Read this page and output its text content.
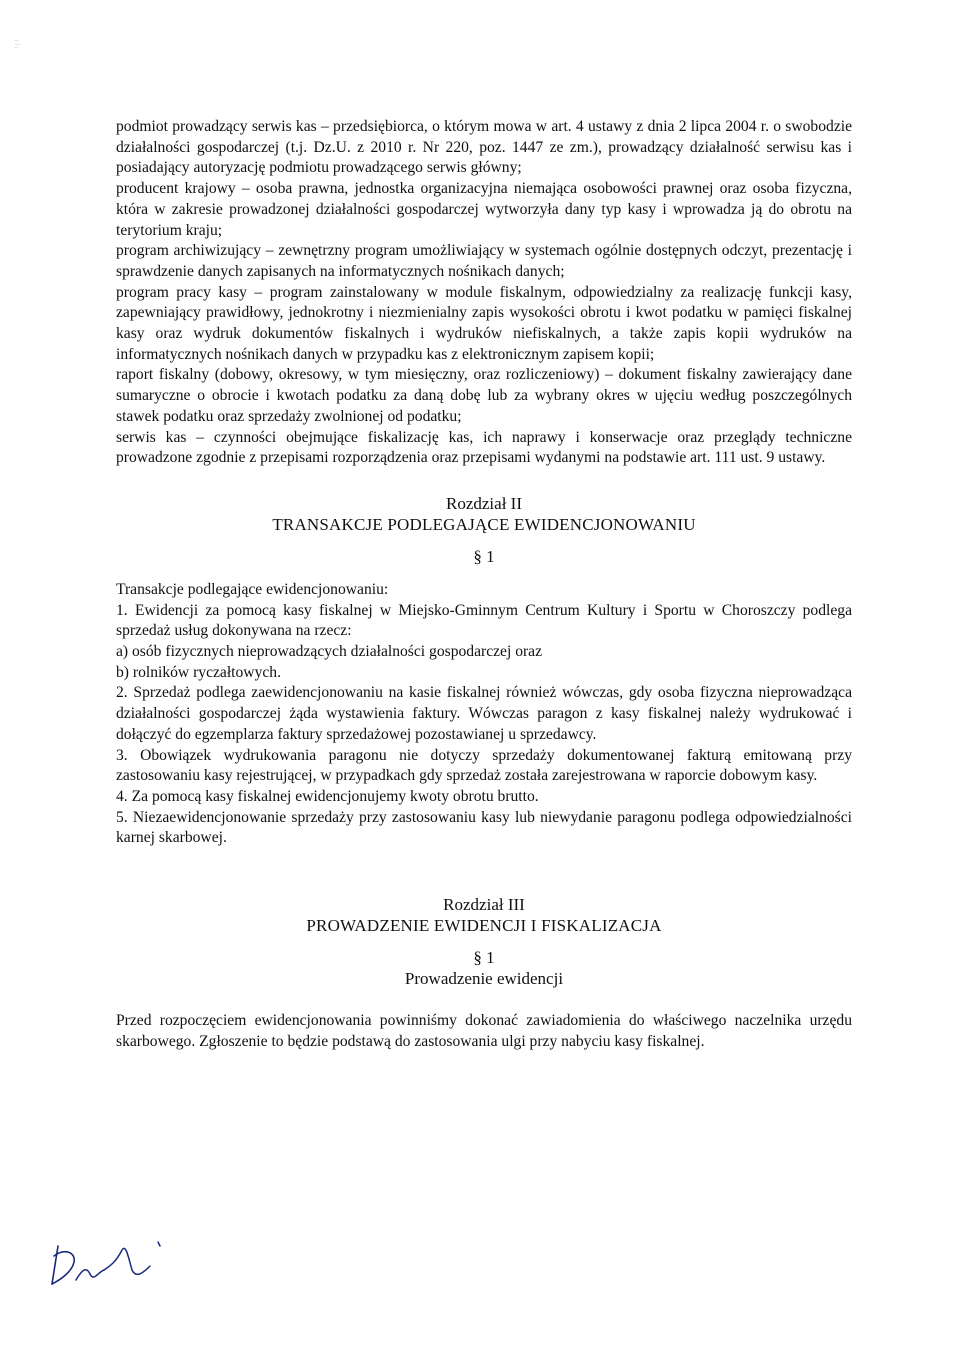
podmiot prowadzący serwis kas – przedsiębiorca, o którym mowa w art. 4 ustawy z dnia 2 lipca 2004 r. o swobodzie działalności gospodarczej (t.j. Dz.U. z 2010 r. Nr 220, poz. 1447 ze zm.), prowadzący działalność serwisu kas i posiadający autoryzację podmiotu prowadzącego serwis główny;

producent krajowy – osoba prawna, jednostka organizacyjna niemająca osobowości prawnej oraz osoba fizyczna, która w zakresie prowadzonej działalności gospodarczej wytworzyła dany typ kasy i wprowadza ją do obrotu na terytorium kraju;

program archiwizujący – zewnętrzny program umożliwiający w systemach ogólnie dostępnych odczyt, prezentację i sprawdzenie danych zapisanych na informatycznych nośnikach danych;

program pracy kasy – program zainstalowany w module fiskalnym, odpowiedzialny za realizację funkcji kasy, zapewniający prawidłowy, jednokrotny i niezmienialny zapis wysokości obrotu i kwot podatku w pamięci fiskalnej kasy oraz wydruk dokumentów fiskalnych i wydruków niefiskalnych, a także zapis kopii wydruków na informatycznych nośnikach danych w przypadku kas z elektronicznym zapisem kopii;

raport fiskalny (dobowy, okresowy, w tym miesięczny, oraz rozliczeniowy) – dokument fiskalny zawierający dane sumaryczne o obrocie i kwotach podatku za daną dobę lub za wybrany okres w ujęciu według poszczególnych stawek podatku oraz sprzedaży zwolnionej od podatku;

serwis kas – czynności obejmujące fiskalizację kas, ich naprawy i konserwacje oraz przeglądy techniczne prowadzone zgodnie z przepisami rozporządzenia oraz przepisami wydanymi na podstawie art. 111 ust. 9 ustawy.

Rozdział II

TRANSAKCJE PODLEGAJĄCE EWIDENCJONOWANIU

§ 1

Transakcje podlegające ewidencjonowaniu:

1. Ewidencji za pomocą kasy fiskalnej w Miejsko-Gminnym Centrum Kultury i Sportu w Choroszczy podlega sprzedaż usług dokonywana na rzecz:

a) osób fizycznych nieprowadzących działalności gospodarczej oraz

b) rolników ryczałtowych.

2. Sprzedaż podlega zaewidencjonowaniu na kasie fiskalnej również wówczas, gdy osoba fizyczna nieprowadząca działalności gospodarczej żąda wystawienia faktury. Wówczas paragon z kasy fiskalnej należy wydrukować i dołączyć do egzemplarza faktury sprzedażowej pozostawianej u sprzedawcy.

3. Obowiązek wydrukowania paragonu nie dotyczy sprzedaży dokumentowanej fakturą emitowaną przy zastosowaniu kasy rejestrującej, w przypadkach gdy sprzedaż została zarejestrowana w raporcie dobowym kasy.

4. Za pomocą kasy fiskalnej ewidencjonujemy kwoty obrotu brutto.

5. Niezaewidencjonowanie sprzedaży przy zastosowaniu kasy lub niewydanie paragonu podlega odpowiedzialności karnej skarbowej.

Rozdział III

PROWADZENIE EWIDENCJI I FISKALIZACJA

§ 1

Prowadzenie ewidencji

Przed rozpoczęciem ewidencjonowania powinniśmy dokonać zawiadomienia do właściwego naczelnika urzędu skarbowego. Zgłoszenie to będzie podstawą do zastosowania ulgi przy nabyciu kasy fiskalnej.
